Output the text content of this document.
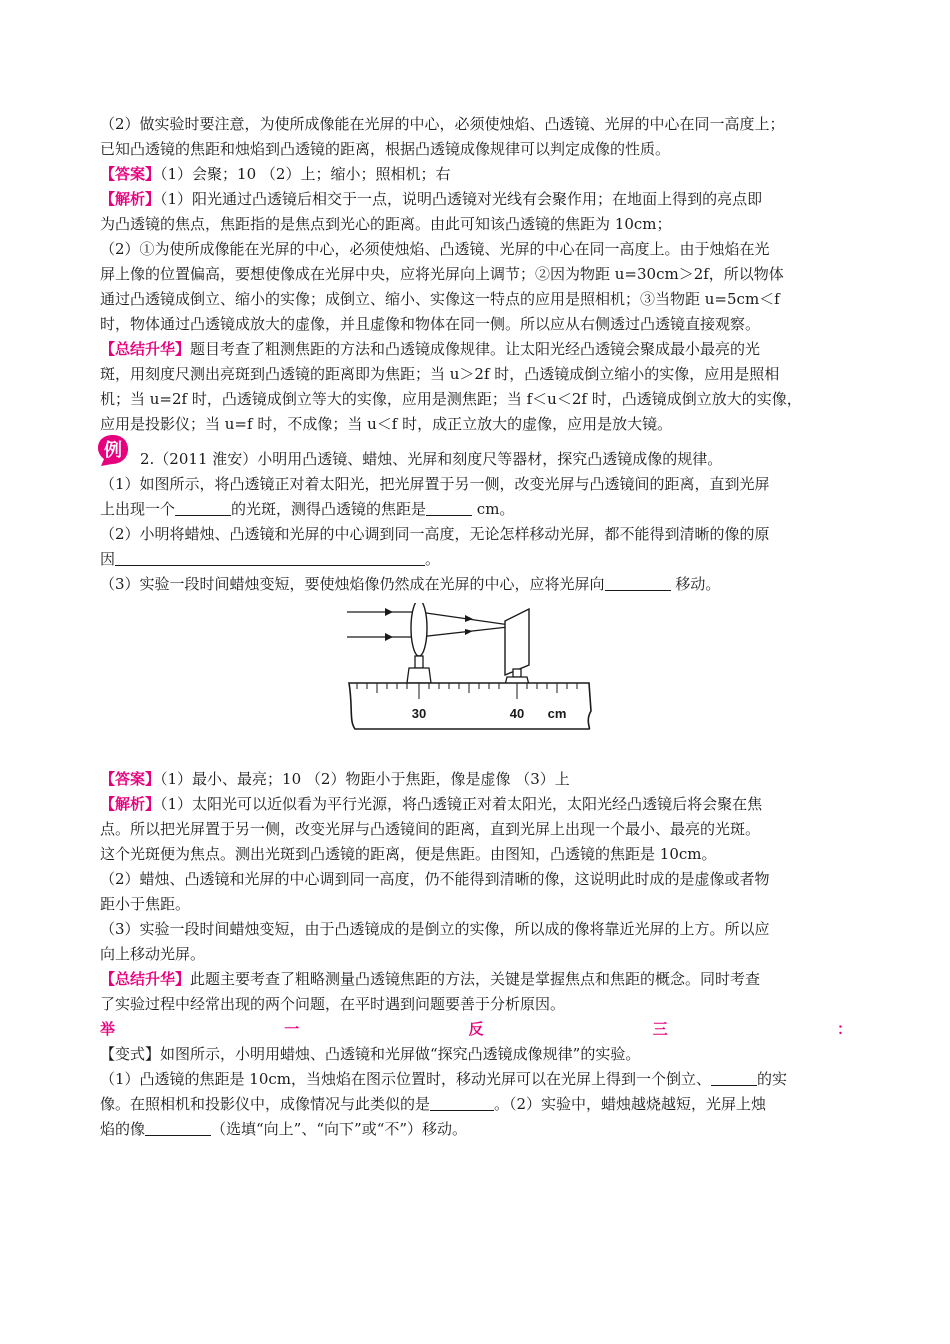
（2）做实验时要注意，为使所成像能在光屏的中心，必须使烛焰、凸透镜、光屏的中心在同一高度上；
已知凸透镜的焦距和烛焰到凸透镜的距离，根据凸透镜成像规律可以判定成像的性质。
【答案】（1）会聚；10 （2）上；缩小；照相机；右
【解析】（1）阳光通过凸透镜后相交于一点，说明凸透镜对光线有会聚作用；在地面上得到的亮点即
为凸透镜的焦点，焦距指的是焦点到光心的距离。由此可知该凸透镜的焦距为 10cm；
（2）①为使所成像能在光屏的中心，必须使烛焰、凸透镜、光屏的中心在同一高度上。由于烛焰在光
屏上像的位置偏高，要想使像成在光屏中央，应将光屏向上调节；②因为物距 u=30cm＞2f，所以物体
通过凸透镜成倒立、缩小的实像；成倒立、缩小、实像这一特点的应用是照相机；③当物距 u=5cm＜f
时，物体通过凸透镜成放大的虚像，并且虚像和物体在同一侧。所以应从右侧透过凸透镜直接观察。
【总结升华】题目考查了粗测焦距的方法和凸透镜成像规律。让太阳光经凸透镜会聚成最小最亮的光
斑，用刻度尺测出亮斑到凸透镜的距离即为焦距；当 u＞2f 时，凸透镜成倒立缩小的实像，应用是照相
机；当 u=2f 时，凸透镜成倒立等大的实像，应用是测焦距；当 f＜u＜2f 时，凸透镜成倒立放大的实像，
应用是投影仪；当 u=f 时，不成像；当 u＜f 时，成正立放大的虚像，应用是放大镜。
例 2.（2011 淮安）小明用凸透镜、蜡烛、光屏和刻度尺等器材，探究凸透镜成像的规律。
（1）如图所示，将凸透镜正对着太阳光，把光屏置于另一侧，改变光屏与凸透镜间的距离，直到光屏
上出现一个	的光斑，测得凸透镜的焦距是	cm。
（2）小明将蜡烛、凸透镜和光屏的中心调到同一高度，无论怎样移动光屏，都不能得到清晰的像的原
因	。
（3）实验一段时间蜡烛变短，要使烛焰像仍然成在光屏的中心，应将光屏向	移动。
30	40 cm
【答案】（1）最小、最亮；10 （2）物距小于焦距，像是虚像 （3）上
【解析】（1）太阳光可以近似看为平行光源，将凸透镜正对着太阳光，太阳光经凸透镜后将会聚在焦
点。所以把光屏置于另一侧，改变光屏与凸透镜间的距离，直到光屏上出现一个最小、最亮的光斑。
这个光斑便为焦点。测出光斑到凸透镜的距离，便是焦距。由图知，凸透镜的焦距是 10cm。
（2）蜡烛、凸透镜和光屏的中心调到同一高度，仍不能得到清晰的像，这说明此时成的是虚像或者物
距小于焦距。
（3）实验一段时间蜡烛变短，由于凸透镜成的是倒立的实像，所以成的像将靠近光屏的上方。所以应
向上移动光屏。
【总结升华】此题主要考查了粗略测量凸透镜焦距的方法，关键是掌握焦点和焦距的概念。同时考查
了实验过程中经常出现的两个问题，在平时遇到问题要善于分析原因。
举	一	反	三	：
【变式】如图所示，小明用蜡烛、凸透镜和光屏做“探究凸透镜成像规律”的实验。
（1）凸透镜的焦距是 10cm，当烛焰在图示位置时，移动光屏可以在光屏上得到一个倒立、	的实
像。在照相机和投影仪中，成像情况与此类似的是	。（2）实验中，蜡烛越烧越短，光屏上烛
焰的像	（选填“向上”、“向下”或“不”）移动。
